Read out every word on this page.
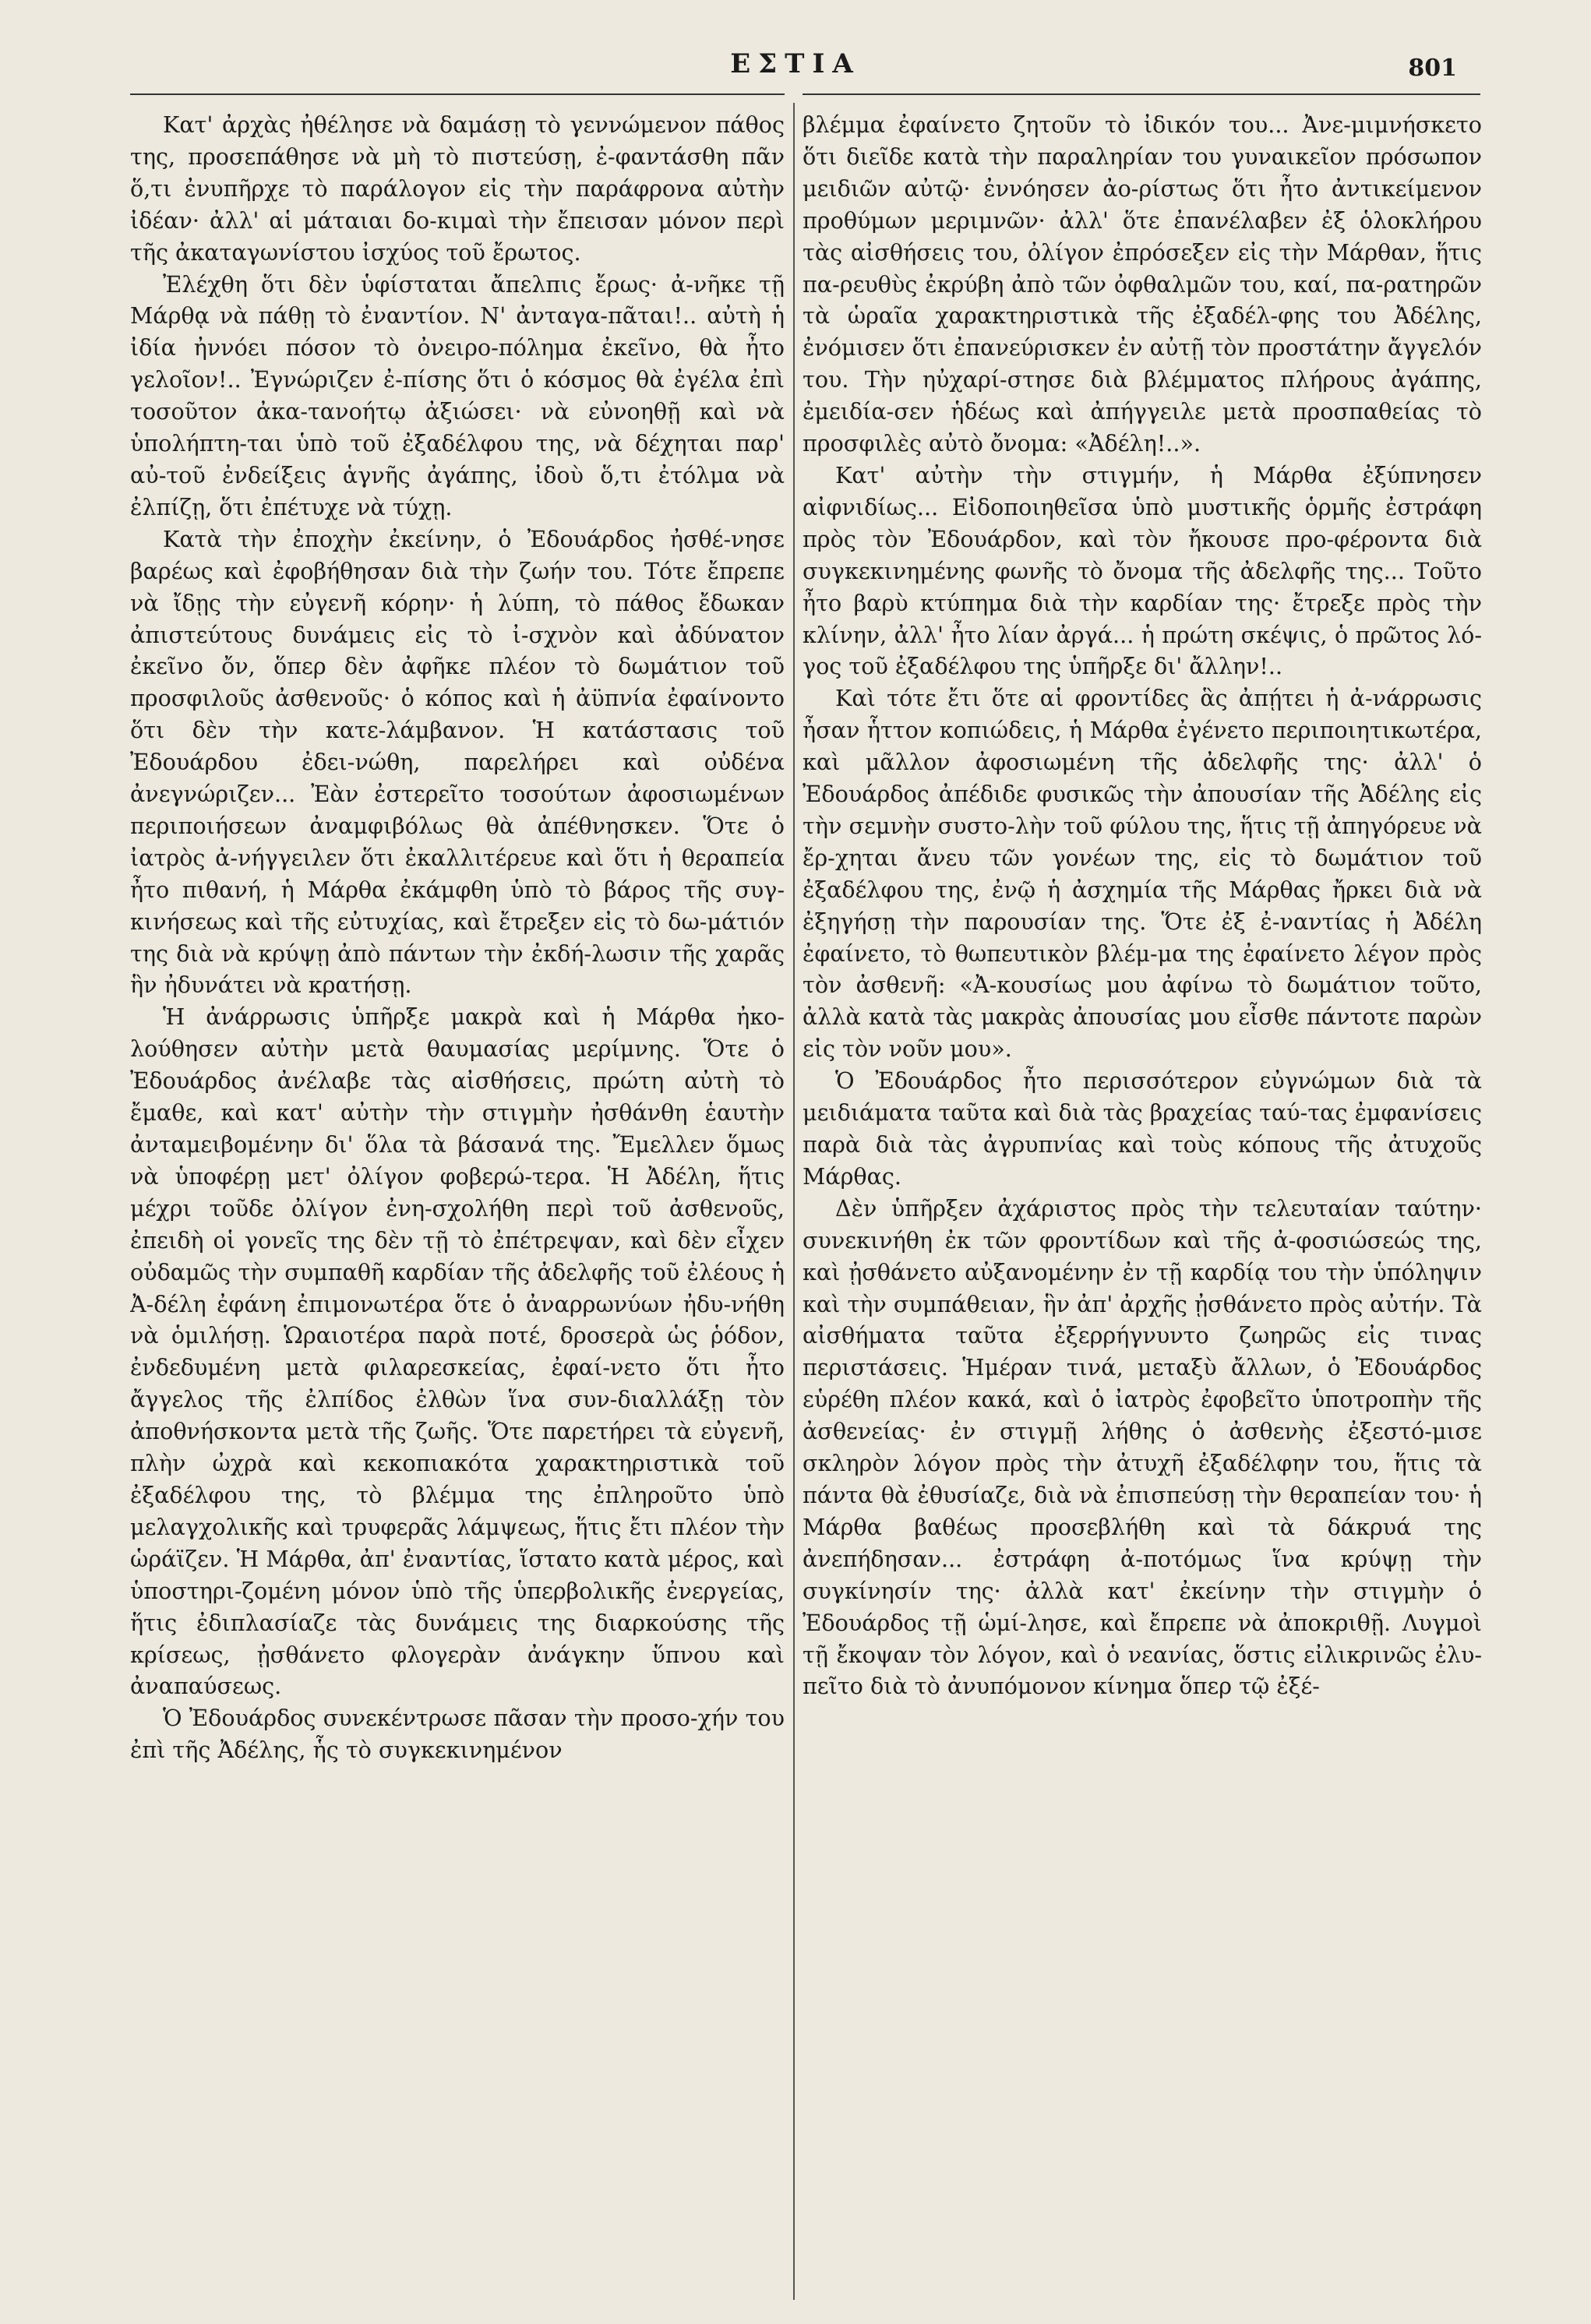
ΕΣΤΙΑ	801

Κατ' ἀρχὰς ἠθέλησε νὰ δαμάσῃ τὸ γεννώμενον πάθος της, προσεπάθησε νὰ μὴ τὸ πιστεύσῃ, ἐ-φαντάσθη πᾶν ὅ,τι ἐνυπῆρχε τὸ παράλογον εἰς τὴν παράφρονα αὐτὴν ἰδέαν· ἀλλ' αἱ μάταιαι δο-κιμαὶ τὴν ἔπεισαν μόνον περὶ τῆς ἀκαταγωνίστου ἰσχύος τοῦ ἔρωτος.

Ἐλέχθη ὅτι δὲν ὑφίσταται ἄπελπις ἔρως· ἀ-νῆκε τῇ Μάρθᾳ νὰ πάθῃ τὸ ἐναντίον. Ν' ἀνταγα-πᾶται!.. αὐτὴ ἡ ἰδία ἠννόει πόσον τὸ ὀνειρο-πόλημα ἐκεῖνο, θὰ ἦτο γελοῖον!.. Ἐγνώριζεν ἐ-πίσης ὅτι ὁ κόσμος θὰ ἐγέλα ἐπὶ τοσοῦτον ἀκα-τανοήτῳ ἀξιώσει· νὰ εὐνοηθῇ καὶ νὰ ὑπολήπτη-ται ὑπὸ τοῦ ἐξαδέλφου της, νὰ δέχηται παρ' αὐ-τοῦ ἐνδείξεις ἁγνῆς ἀγάπης, ἰδοὺ ὅ,τι ἐτόλμα νὰ ἐλπίζῃ, ὅτι ἐπέτυχε νὰ τύχῃ.

Κατὰ τὴν ἐποχὴν ἐκείνην, ὁ Ἐδουάρδος ἠσθέ-νησε βαρέως καὶ ἐφοβήθησαν διὰ τὴν ζωήν του. Τότε ἔπρεπε νὰ ἴδῃς τὴν εὐγενῆ κόρην· ἡ λύπη, τὸ πάθος ἔδωκαν ἀπιστεύτους δυνάμεις εἰς τὸ ἰ-σχνὸν καὶ ἀδύνατον ἐκεῖνο ὄν, ὅπερ δὲν ἀφῆκε πλέον τὸ δωμάτιον τοῦ προσφιλοῦς ἀσθενοῦς· ὁ κόπος καὶ ἡ ἀϋπνία ἐφαίνοντο ὅτι δὲν τὴν κατε-λάμβανον. Ἡ κατάστασις τοῦ Ἐδουάρδου ἐδει-νώθη, παρελήρει καὶ οὐδένα ἀνεγνώριζεν... Ἐὰν ἐστερεῖτο τοσούτων ἀφοσιωμένων περιποιήσεων ἀναμφιβόλως θὰ ἀπέθνησκεν. Ὅτε ὁ ἰατρὸς ἀ-νήγγειλεν ὅτι ἐκαλλιτέρευε καὶ ὅτι ἡ θεραπεία ἦτο πιθανή, ἡ Μάρθα ἐκάμφθη ὑπὸ τὸ βάρος τῆς συγ-κινήσεως καὶ τῆς εὐτυχίας, καὶ ἔτρεξεν εἰς τὸ δω-μάτιόν της διὰ νὰ κρύψῃ ἀπὸ πάντων τὴν ἐκδή-λωσιν τῆς χαρᾶς ἣν ἠδυνάτει νὰ κρατήσῃ.

Ἡ ἀνάρρωσις ὑπῆρξε μακρὰ καὶ ἡ Μάρθα ἠκο-λούθησεν αὐτὴν μετὰ θαυμασίας μερίμνης. Ὅτε ὁ Ἐδουάρδος ἀνέλαβε τὰς αἰσθήσεις, πρώτη αὐτὴ τὸ ἔμαθε, καὶ κατ' αὐτὴν τὴν στιγμὴν ἠσθάνθη ἑαυτὴν ἀνταμειβομένην δι' ὅλα τὰ βάσανά της. Ἔμελλεν ὅμως νὰ ὑποφέρῃ μετ' ὀλίγον φοβερώ-τερα. Ἡ Ἀδέλη, ἥτις μέχρι τοῦδε ὀλίγον ἐνη-σχολήθη περὶ τοῦ ἀσθενοῦς, ἐπειδὴ οἱ γονεῖς της δὲν τῇ τὸ ἐπέτρεψαν, καὶ δὲν εἶχεν οὐδαμῶς τὴν συμπαθῆ καρδίαν τῆς ἀδελφῆς τοῦ ἐλέους ἡ Ἀ-δέλη ἐφάνη ἐπιμονωτέρα ὅτε ὁ ἀναρρωνύων ἠδυ-νήθη νὰ ὁμιλήσῃ. Ὡραιοτέρα παρὰ ποτέ, δροσερὰ ὡς ῥόδον, ἐνδεδυμένη μετὰ φιλαρεσκείας, ἐφαί-νετο ὅτι ἦτο ἄγγελος τῆς ἐλπίδος ἐλθὼν ἵνα συν-διαλλάξῃ τὸν ἀποθνήσκοντα μετὰ τῆς ζωῆς. Ὅτε παρετήρει τὰ εὐγενῆ, πλὴν ὠχρὰ καὶ κεκοπιακότα χαρακτηριστικὰ τοῦ ἐξαδέλφου της, τὸ βλέμμα της ἐπληροῦτο ὑπὸ μελαγχολικῆς καὶ τρυφερᾶς λάμψεως, ἥτις ἔτι πλέον τὴν ὡράϊζεν. Ἡ Μάρθα, ἀπ' ἐναντίας, ἵστατο κατὰ μέρος, καὶ ὑποστηρι-ζομένη μόνον ὑπὸ τῆς ὑπερβολικῆς ἐνεργείας, ἥτις ἐδιπλασίαζε τὰς δυνάμεις της διαρκούσης τῆς κρίσεως, ᾐσθάνετο φλογερὰν ἀνάγκην ὕπνου καὶ ἀναπαύσεως.

Ὁ Ἐδουάρδος συνεκέντρωσε πᾶσαν τὴν προσο-χήν του ἐπὶ τῆς Ἀδέλης, ἧς τὸ συγκεκινημένον

βλέμμα ἐφαίνετο ζητοῦν τὸ ἰδικόν του... Ἀνε-μιμνήσκετο ὅτι διεῖδε κατὰ τὴν παραληρίαν του γυναικεῖον πρόσωπον μειδιῶν αὐτῷ· ἐννόησεν ἀο-ρίστως ὅτι ἦτο ἀντικείμενον προθύμων μεριμνῶν· ἀλλ' ὅτε ἐπανέλαβεν ἐξ ὁλοκλήρου τὰς αἰσθήσεις του, ὀλίγον ἐπρόσεξεν εἰς τὴν Μάρθαν, ἥτις πα-ρευθὺς ἐκρύβη ἀπὸ τῶν ὀφθαλμῶν του, καί, πα-ρατηρῶν τὰ ὡραῖα χαρακτηριστικὰ τῆς ἐξαδέλ-φης του Ἀδέλης, ἐνόμισεν ὅτι ἐπανεύρισκεν ἐν αὐτῇ τὸν προστάτην ἄγγελόν του. Τὴν ηὐχαρί-στησε διὰ βλέμματος πλήρους ἀγάπης, ἐμειδία-σεν ἡδέως καὶ ἀπήγγειλε μετὰ προσπαθείας τὸ προσφιλὲς αὐτὸ ὄνομα: «Ἀδέλη!..».

Κατ' αὐτὴν τὴν στιγμήν, ἡ Μάρθα ἐξύπνησεν αἰφνιδίως... Εἰδοποιηθεῖσα ὑπὸ μυστικῆς ὁρμῆς ἐστράφη πρὸς τὸν Ἐδουάρδον, καὶ τὸν ἤκουσε προ-φέροντα διὰ συγκεκινημένης φωνῆς τὸ ὄνομα τῆς ἀδελφῆς της... Τοῦτο ἦτο βαρὺ κτύπημα διὰ τὴν καρδίαν της· ἔτρεξε πρὸς τὴν κλίνην, ἀλλ' ἦτο λίαν ἀργά... ἡ πρώτη σκέψις, ὁ πρῶτος λό-γος τοῦ ἐξαδέλφου της ὑπῆρξε δι' ἄλλην!..

Καὶ τότε ἔτι ὅτε αἱ φροντίδες ἃς ἀπῄτει ἡ ἀ-νάρρωσις ἦσαν ἧττον κοπιώδεις, ἡ Μάρθα ἐγένετο περιποιητικωτέρα, καὶ μᾶλλον ἀφοσιωμένη τῆς ἀδελφῆς της· ἀλλ' ὁ Ἐδουάρδος ἀπέδιδε φυσικῶς τὴν ἀπουσίαν τῆς Ἀδέλης εἰς τὴν σεμνὴν συστο-λὴν τοῦ φύλου της, ἥτις τῇ ἀπηγόρευε νὰ ἔρ-χηται ἄνευ τῶν γονέων της, εἰς τὸ δωμάτιον τοῦ ἐξαδέλφου της, ἐνῷ ἡ ἀσχημία τῆς Μάρθας ἤρκει διὰ νὰ ἐξηγήσῃ τὴν παρουσίαν της. Ὅτε ἐξ ἐ-ναντίας ἡ Ἀδέλη ἐφαίνετο, τὸ θωπευτικὸν βλέμ-μα της ἐφαίνετο λέγον πρὸς τὸν ἀσθενῆ: «Ἀ-κουσίως μου ἀφίνω τὸ δωμάτιον τοῦτο, ἀλλὰ κατὰ τὰς μακρὰς ἀπουσίας μου εἶσθε πάντοτε παρὼν εἰς τὸν νοῦν μου».

Ὁ Ἐδουάρδος ἦτο περισσότερον εὐγνώμων διὰ τὰ μειδιάματα ταῦτα καὶ διὰ τὰς βραχείας ταύ-τας ἐμφανίσεις παρὰ διὰ τὰς ἀγρυπνίας καὶ τοὺς κόπους τῆς ἀτυχοῦς Μάρθας.

Δὲν ὑπῆρξεν ἀχάριστος πρὸς τὴν τελευταίαν ταύτην· συνεκινήθη ἐκ τῶν φροντίδων καὶ τῆς ἀ-φοσιώσεώς της, καὶ ᾐσθάνετο αὐξανομένην ἐν τῇ καρδίᾳ του τὴν ὑπόληψιν καὶ τὴν συμπάθειαν, ἣν ἀπ' ἀρχῆς ᾐσθάνετο πρὸς αὐτήν. Τὰ αἰσθήματα ταῦτα ἐξερρήγνυντο ζωηρῶς εἰς τινας περιστάσεις. Ἡμέραν τινά, μεταξὺ ἄλλων, ὁ Ἐδουάρδος εὑρέθη πλέον κακά, καὶ ὁ ἰατρὸς ἐφοβεῖτο ὑποτροπὴν τῆς ἀσθενείας· ἐν στιγμῇ λήθης ὁ ἀσθενὴς ἐξεστό-μισε σκληρὸν λόγον πρὸς τὴν ἀτυχῆ ἐξαδέλφην του, ἥτις τὰ πάντα θὰ ἐθυσίαζε, διὰ νὰ ἐπισπεύσῃ τὴν θεραπείαν του· ἡ Μάρθα βαθέως προσεβλήθη καὶ τὰ δάκρυά της ἀνεπήδησαν... ἐστράφη ἀ-ποτόμως ἵνα κρύψῃ τὴν συγκίνησίν της· ἀλλὰ κατ' ἐκείνην τὴν στιγμὴν ὁ Ἐδουάρδος τῇ ὡμί-λησε, καὶ ἔπρεπε νὰ ἀποκριθῇ. Λυγμοὶ τῇ ἔκοψαν τὸν λόγον, καὶ ὁ νεανίας, ὅστις εἰλικρινῶς ἐλυ-πεῖτο διὰ τὸ ἀνυπόμονον κίνημα ὅπερ τῷ ἐξέ-
